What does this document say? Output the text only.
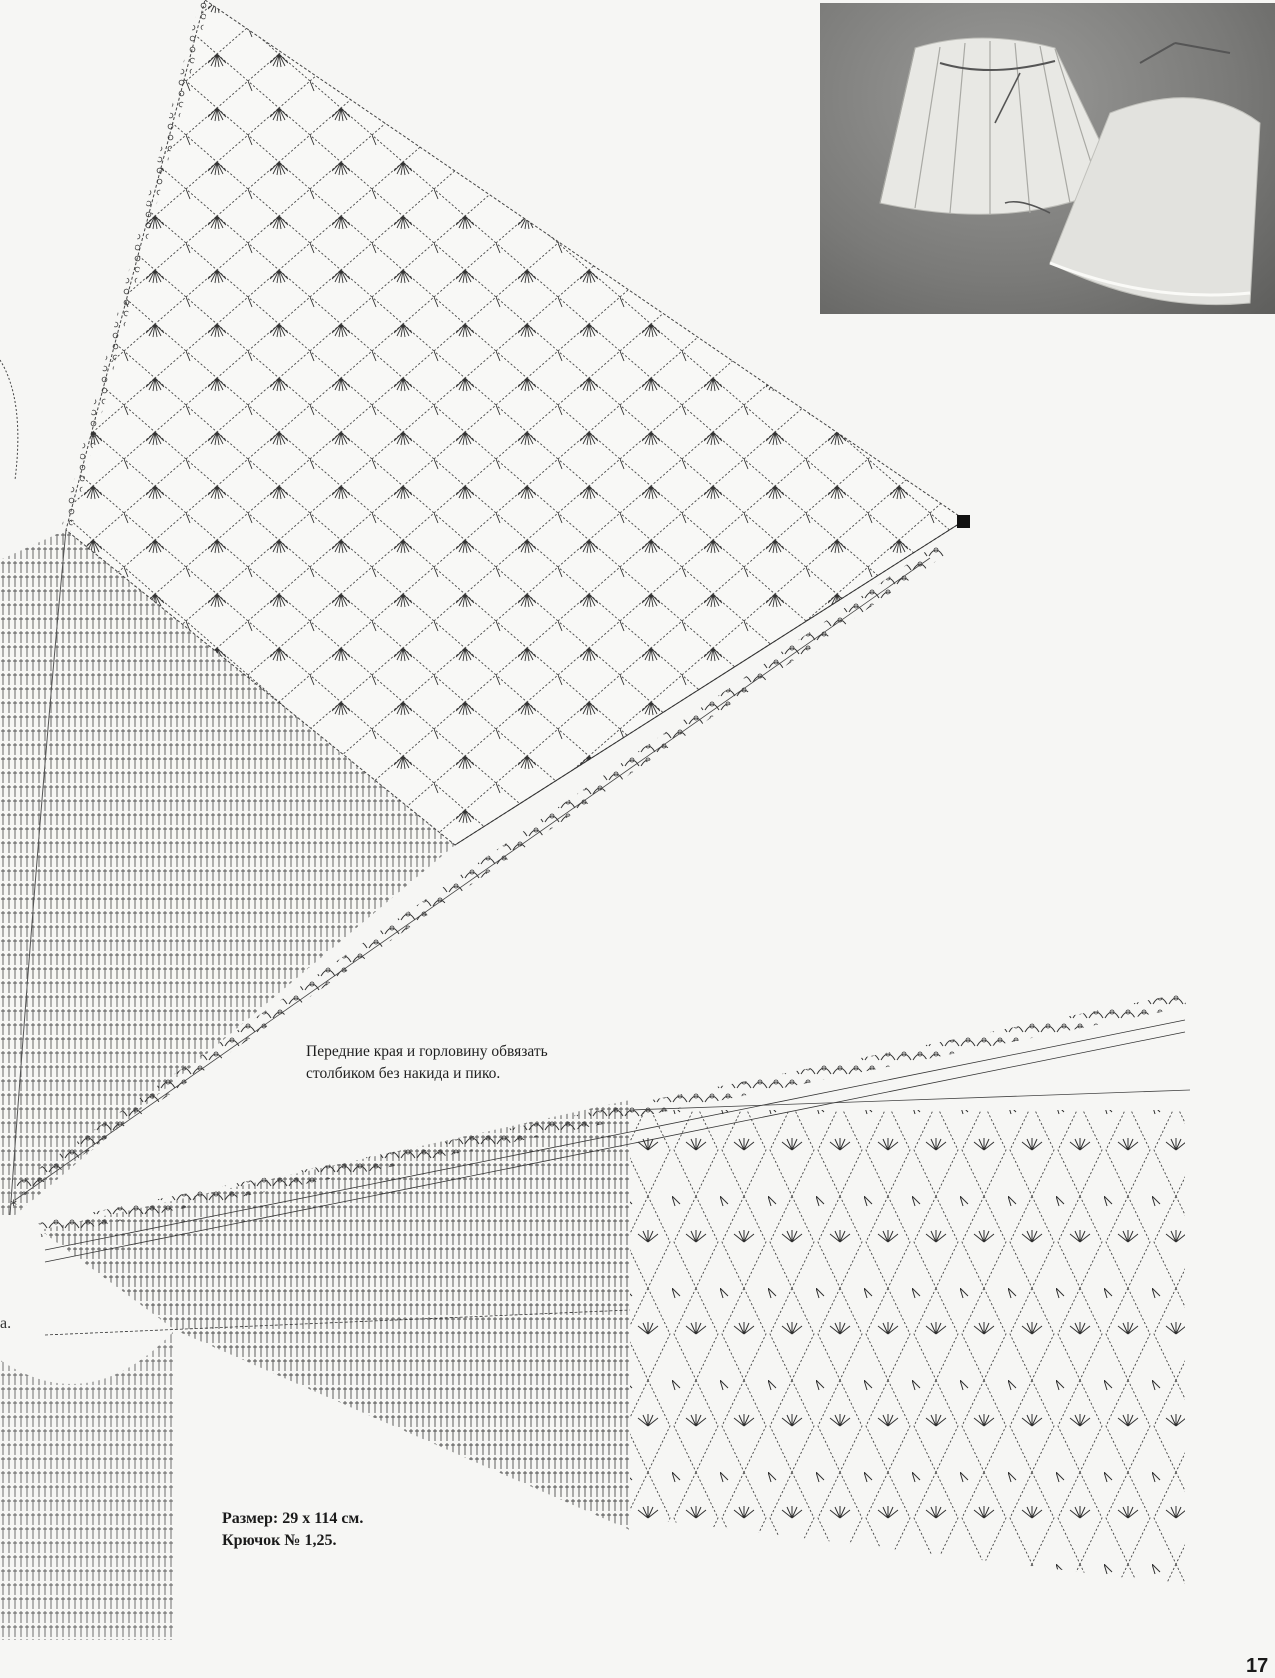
*
Передние края и горловину обвязать
столбиком без накида и пико.
Размер: 29 х 114 см.
Крючок № 1,25.
а.
17
